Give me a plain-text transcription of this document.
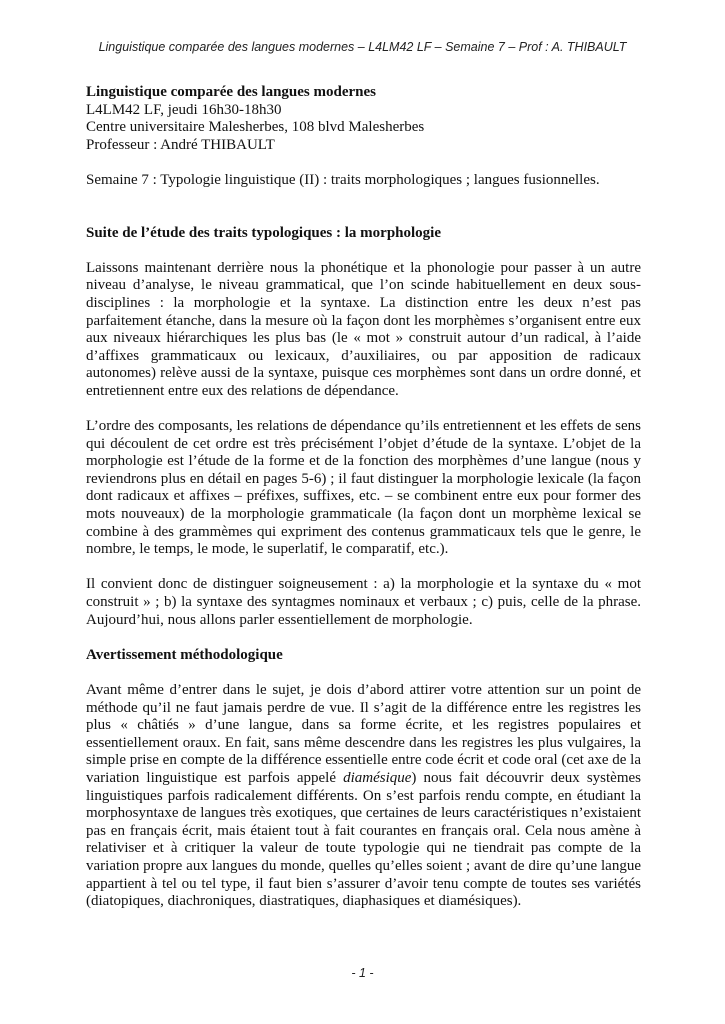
Linguistique comparée des langues modernes – L4LM42 LF – Semaine 7 – Prof : A. THIBAULT

Linguistique comparée des langues modernes

L4LM42 LF, jeudi 16h30-18h30

Centre universitaire Malesherbes, 108 blvd Malesherbes

Professeur : André THIBAULT

Semaine 7 : Typologie linguistique (II) : traits morphologiques ; langues fusionnelles.

Suite de l’étude des traits typologiques : la morphologie

Laissons maintenant derrière nous la phonétique et la phonologie pour passer à un autre niveau d’analyse, le niveau grammatical, que l’on scinde habituellement en deux sous-disciplines : la morphologie et la syntaxe. La distinction entre les deux n’est pas parfaitement étanche, dans la mesure où la façon dont les morphèmes s’organisent entre eux aux niveaux hiérarchiques les plus bas (le « mot » construit autour d’un radical, à l’aide d’affixes grammaticaux ou lexicaux, d’auxiliaires, ou par apposition de radicaux autonomes) relève aussi de la syntaxe, puisque ces morphèmes sont dans un ordre donné, et entretiennent entre eux des relations de dépendance.

L’ordre des composants, les relations de dépendance qu’ils entretiennent et les effets de sens qui découlent de cet ordre est très précisément l’objet d’étude de la syntaxe. L’objet de la morphologie est l’étude de la forme et de la fonction des morphèmes d’une langue (nous y reviendrons plus en détail en pages 5-6) ; il faut distinguer la morphologie lexicale (la façon dont radicaux et affixes – préfixes, suffixes, etc. – se combinent entre eux pour former des mots nouveaux) de la morphologie grammaticale (la façon dont un morphème lexical se combine à des grammèmes qui expriment des contenus grammaticaux tels que le genre, le nombre, le temps, le mode, le superlatif, le comparatif, etc.).

Il convient donc de distinguer soigneusement : a) la morphologie et la syntaxe du « mot construit » ; b) la syntaxe des syntagmes nominaux et verbaux ; c) puis, celle de la phrase. Aujourd’hui, nous allons parler essentiellement de morphologie.

Avertissement méthodologique

Avant même d’entrer dans le sujet, je dois d’abord attirer votre attention sur un point de méthode qu’il ne faut jamais perdre de vue. Il s’agit de la différence entre les registres les plus « châtiés » d’une langue, dans sa forme écrite, et les registres populaires et essentiellement oraux. En fait, sans même descendre dans les registres les plus vulgaires, la simple prise en compte de la différence essentielle entre code écrit et code oral (cet axe de la variation linguistique est parfois appelé diamésique) nous fait découvrir deux systèmes linguistiques parfois radicalement différents. On s’est parfois rendu compte, en étudiant la morphosyntaxe de langues très exotiques, que certaines de leurs caractéristiques n’existaient pas en français écrit, mais étaient tout à fait courantes en français oral. Cela nous amène à relativiser et à critiquer la valeur de toute typologie qui ne tiendrait pas compte de la variation propre aux langues du monde, quelles qu’elles soient ; avant de dire qu’une langue appartient à tel ou tel type, il faut bien s’assurer d’avoir tenu compte de toutes ses variétés (diatopiques, diachroniques, diastratiques, diaphasiques et diamésiques).

- 1 -
